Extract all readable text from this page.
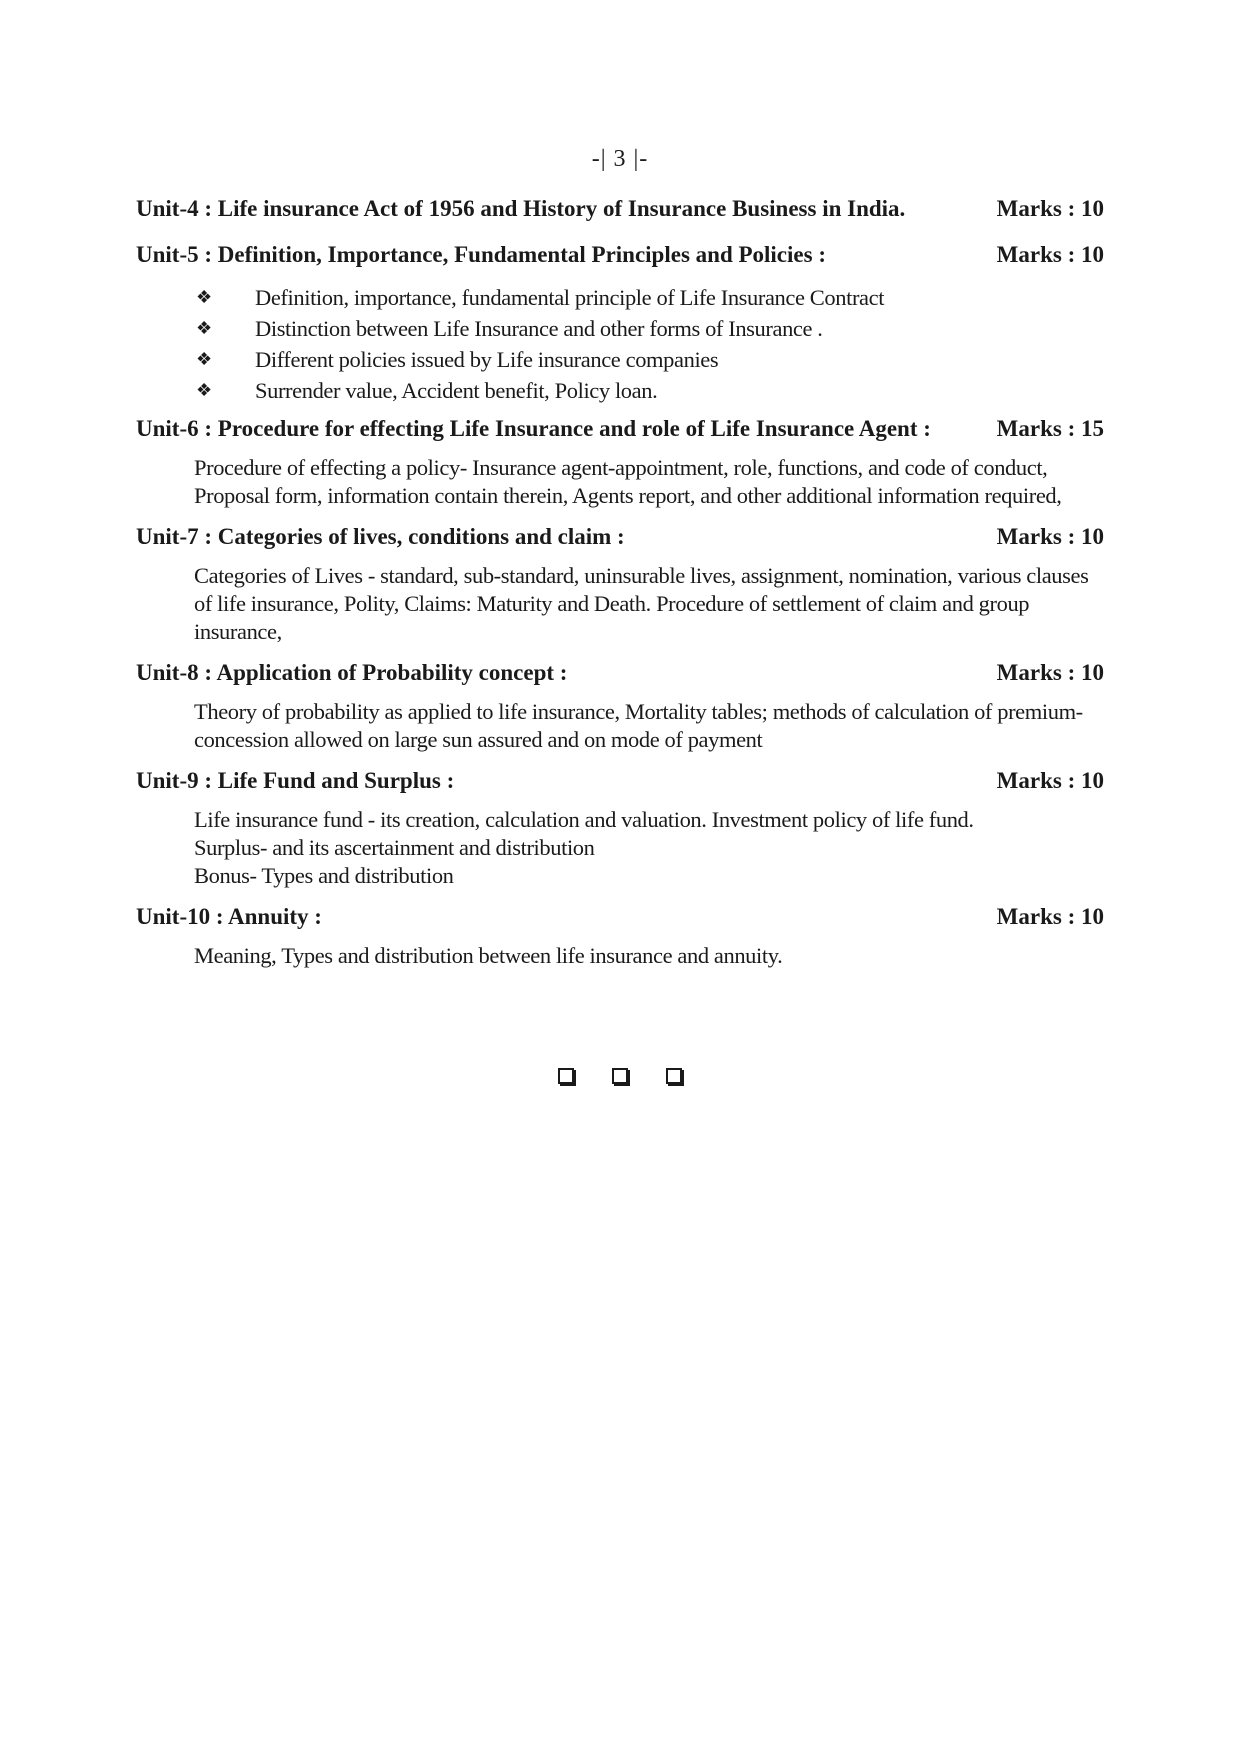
-| 3 |-
Unit-4 : Life insurance Act of 1956 and History of Insurance Business in India.	Marks : 10
Unit-5 : Definition, Importance, Fundamental Principles and Policies :	Marks : 10
❖	Definition, importance, fundamental principle of Life Insurance Contract
❖	Distinction between Life Insurance and other forms of Insurance .
❖	Different policies issued by Life insurance companies
❖	Surrender value, Accident benefit, Policy loan.
Unit-6 : Procedure for effecting Life Insurance and role of Life Insurance Agent :	Marks : 15

Procedure of effecting a policy- Insurance agent-appointment, role, functions, and code of conduct, Proposal form, information contain therein, Agents report, and other additional information required,

Unit-7 : Categories of lives, conditions and claim :	Marks : 10

Categories of Lives - standard, sub-standard, uninsurable lives, assignment, nomination, various clauses of life insurance, Polity, Claims: Maturity and Death. Procedure of settlement of claim and group insurance,

Unit-8 : Application of Probability concept :	Marks : 10

Theory of probability as applied to life insurance, Mortality tables; methods of calculation of premium-concession allowed on large sun assured and on mode of payment

Unit-9 : Life Fund and Surplus :	Marks : 10

Life insurance fund - its creation, calculation and valuation. Investment policy of life fund.

Surplus- and its ascertainment and distribution

Bonus- Types and distribution

Unit-10 : Annuity :	Marks : 10

Meaning, Types and distribution between life insurance and annuity.
